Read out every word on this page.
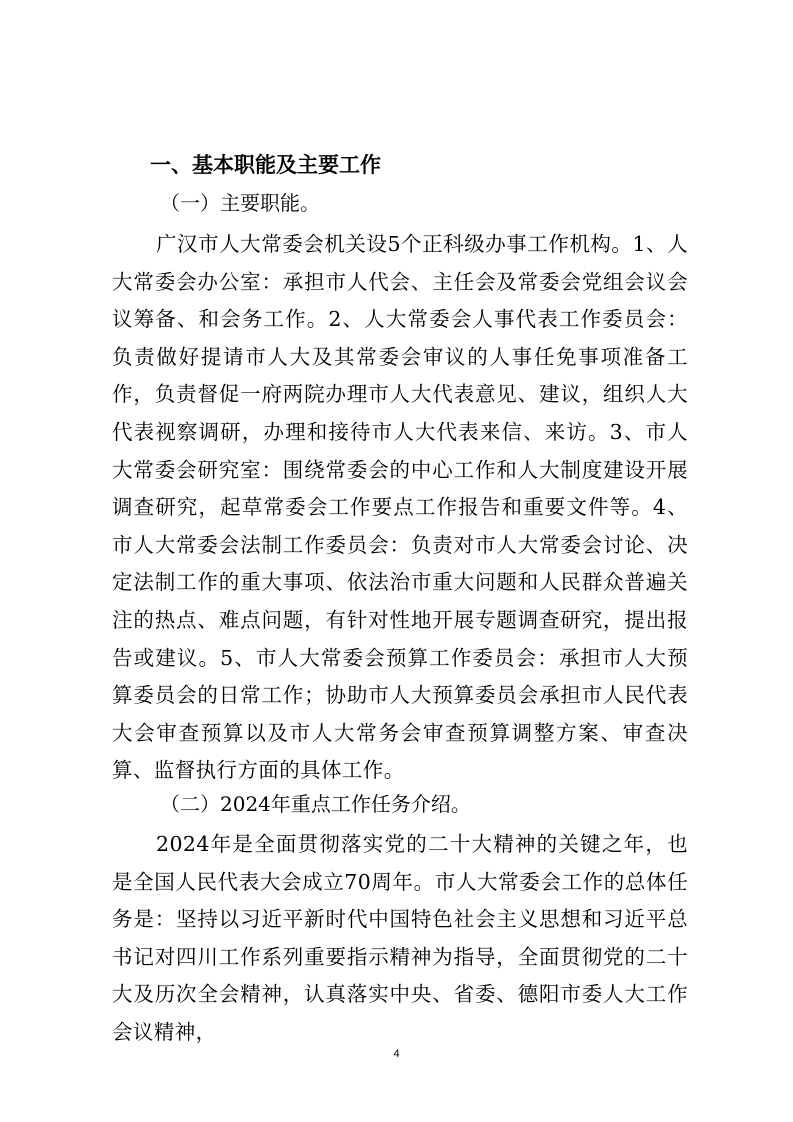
一、基本职能及主要工作

（一）主要职能。

广汉市人大常委会机关设5个正科级办事工作机构。1、人大常委会办公室：承担市人代会、主任会及常委会党组会议会议筹备、和会务工作。2、人大常委会人事代表工作委员会：负责做好提请市人大及其常委会审议的人事任免事项准备工作，负责督促一府两院办理市人大代表意见、建议，组织人大代表视察调研，办理和接待市人大代表来信、来访。3、市人大常委会研究室：围绕常委会的中心工作和人大制度建设开展调查研究，起草常委会工作要点工作报告和重要文件等。4、市人大常委会法制工作委员会：负责对市人大常委会讨论、决定法制工作的重大事项、依法治市重大问题和人民群众普遍关注的热点、难点问题，有针对性地开展专题调查研究，提出报告或建议。5、市人大常委会预算工作委员会：承担市人大预算委员会的日常工作；协助市人大预算委员会承担市人民代表大会审查预算以及市人大常务会审查预算调整方案、审查决算、监督执行方面的具体工作。

（二）2024年重点工作任务介绍。

2024年是全面贯彻落实党的二十大精神的关键之年，也是全国人民代表大会成立70周年。市人大常委会工作的总体任务是：坚持以习近平新时代中国特色社会主义思想和习近平总书记对四川工作系列重要指示精神为指导，全面贯彻党的二十大及历次全会精神，认真落实中央、省委、德阳市委人大工作会议精神，

4
